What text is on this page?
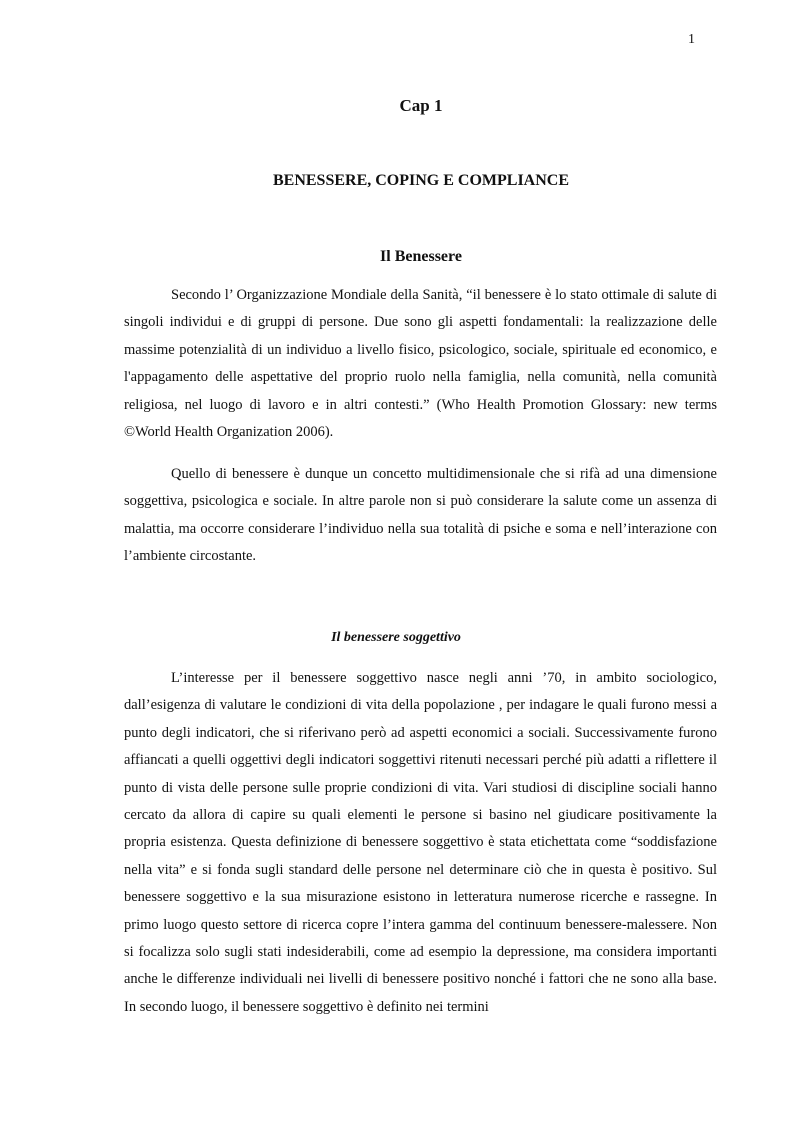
1
Cap 1
BENESSERE, COPING E COMPLIANCE
Il Benessere

Secondo l’ Organizzazione Mondiale della Sanità, “il benessere è lo stato ottimale di salute di singoli individui e di gruppi di persone. Due sono gli aspetti fondamentali: la realizzazione delle massime potenzialità di un individuo a livello fisico, psicologico, sociale, spirituale ed economico, e l'appagamento delle aspettative del proprio ruolo nella famiglia, nella comunità, nella comunità religiosa, nel luogo di lavoro e in altri contesti.” (Who Health Promotion Glossary: new terms ©World Health Organization 2006).

Quello di benessere è dunque un concetto multidimensionale che si rifà ad una dimensione soggettiva, psicologica e sociale. In altre parole non si può considerare la salute come un assenza di malattia, ma occorre considerare l’individuo nella sua totalità di psiche e soma e nell’interazione con l’ambiente circostante.

Il benessere soggettivo

L’interesse per il benessere soggettivo nasce negli anni ’70, in ambito sociologico, dall’esigenza di valutare le condizioni di vita della popolazione , per indagare le quali furono messi a punto degli indicatori, che si riferivano però ad aspetti economici a sociali. Successivamente furono affiancati a quelli oggettivi degli indicatori soggettivi ritenuti necessari perché più adatti a riflettere il punto di vista delle persone sulle proprie condizioni di vita. Vari studiosi di discipline sociali hanno cercato da allora di capire su quali elementi le persone si basino nel giudicare positivamente la propria esistenza. Questa definizione di benessere soggettivo è stata etichettata come “soddisfazione nella vita” e si fonda sugli standard delle persone nel determinare ciò che in questa è positivo. Sul benessere soggettivo e la sua misurazione esistono in letteratura numerose ricerche e rassegne. In primo luogo questo settore di ricerca copre l’intera gamma del continuum benessere-malessere. Non si focalizza solo sugli stati indesiderabili, come ad esempio la depressione, ma considera importanti anche le differenze individuali nei livelli di benessere positivo nonché i fattori che ne sono alla base. In secondo luogo, il benessere soggettivo è definito nei termini
